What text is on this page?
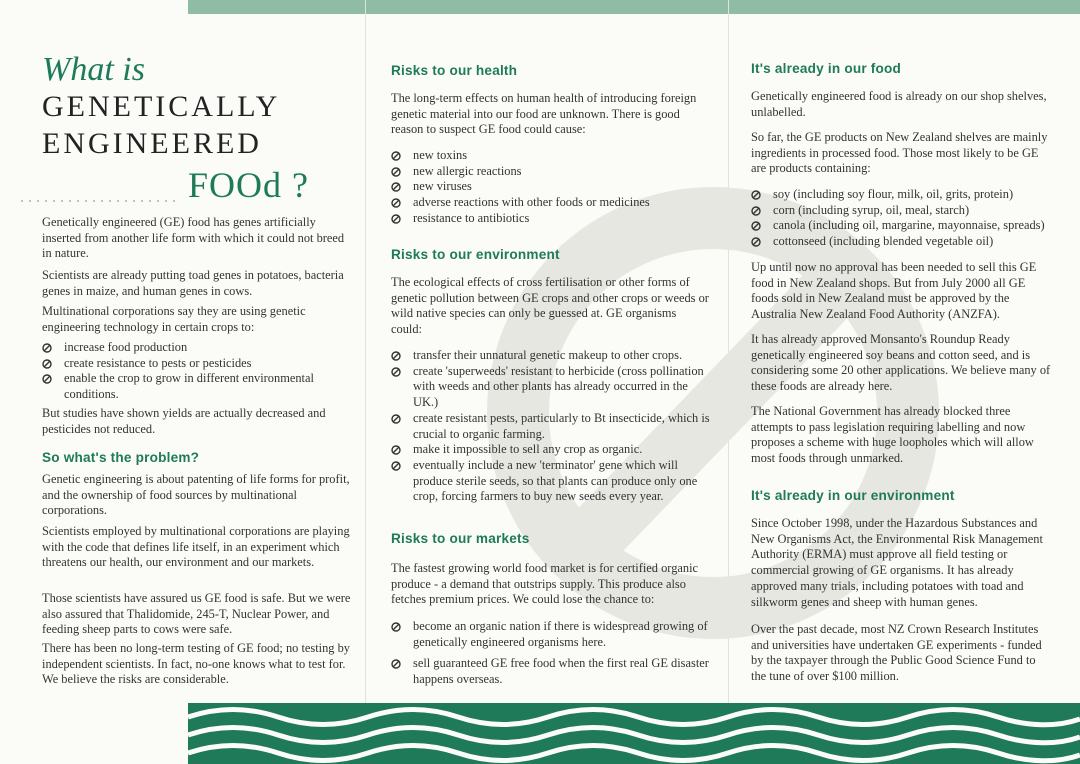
What is
GENETICALLY
ENGINEERED
FOOd ?

Genetically engineered (GE) food has genes artificially inserted from another life form with which it could not breed in nature.

Scientists are already putting toad genes in potatoes, bacteria genes in maize, and human genes in cows.

Multinational corporations say they are using genetic engineering technology in certain crops to:

increase food production
create resistance to pests or pesticides
enable the crop to grow in different environmental conditions.

But studies have shown yields are actually decreased and pesticides not reduced.

So what's the problem?

Genetic engineering is about patenting of life forms for profit, and the ownership of food sources by multinational corporations.

Scientists employed by multinational corporations are playing with the code that defines life itself, in an experiment which threatens our health, our environment and our markets.

Those scientists have assured us GE food is safe. But we were also assured that Thalidomide, 245-T, Nuclear Power, and feeding sheep parts to cows were safe.

There has been no long-term testing of GE food; no testing by independent scientists. In fact, no-one knows what to test for. We believe the risks are considerable.

Risks to our health

The long-term effects on human health of introducing foreign genetic material into our food are unknown. There is good reason to suspect GE food could cause:

new toxins
new allergic reactions
new viruses
adverse reactions with other foods or medicines
resistance to antibiotics
Risks to our environment

The ecological effects of cross fertilisation or other forms of genetic pollution between GE crops and other crops or weeds or wild native species can only be guessed at. GE organisms could:

transfer their unnatural genetic makeup to other crops.
create 'superweeds' resistant to herbicide (cross pollination with weeds and other plants has already occurred in the UK.)
create resistant pests, particularly to Bt insecticide, which is crucial to organic farming.
make it impossible to sell any crop as organic.
eventually include a new 'terminator' gene which will produce sterile seeds, so that plants can produce only one crop, forcing farmers to buy new seeds every year.
Risks to our markets

The fastest growing world food market is for certified organic produce - a demand that outstrips supply. This produce also fetches premium prices. We could lose the chance to:

become an organic nation if there is widespread growing of genetically engineered organisms here.
sell guaranteed GE free food when the first real GE disaster happens overseas.
It's already in our food

Genetically engineered food is already on our shop shelves, unlabelled.

So far, the GE products on New Zealand shelves are mainly ingredients in processed food. Those most likely to be GE are products containing:

soy (including soy flour, milk, oil, grits, protein)
corn (including syrup, oil, meal, starch)
canola (including oil, margarine, mayonnaise, spreads)
cottonseed (including blended vegetable oil)

Up until now no approval has been needed to sell this GE food in New Zealand shops. But from July 2000 all GE foods sold in New Zealand must be approved by the Australia New Zealand Food Authority (ANZFA).

It has already approved Monsanto's Roundup Ready genetically engineered soy beans and cotton seed, and is considering some 20 other applications. We believe many of these foods are already here.

The National Government has already blocked three attempts to pass legislation requiring labelling and now proposes a scheme with huge loopholes which will allow most foods through unmarked.

It's already in our environment

Since October 1998, under the Hazardous Substances and New Organisms Act, the Environmental Risk Management Authority (ERMA) must approve all field testing or commercial growing of GE organisms. It has already approved many trials, including potatoes with toad and silkworm genes and sheep with human genes.

Over the past decade, most NZ Crown Research Institutes and universities have undertaken GE experiments - funded by the taxpayer through the Public Good Science Fund to the tune of over $100 million.
